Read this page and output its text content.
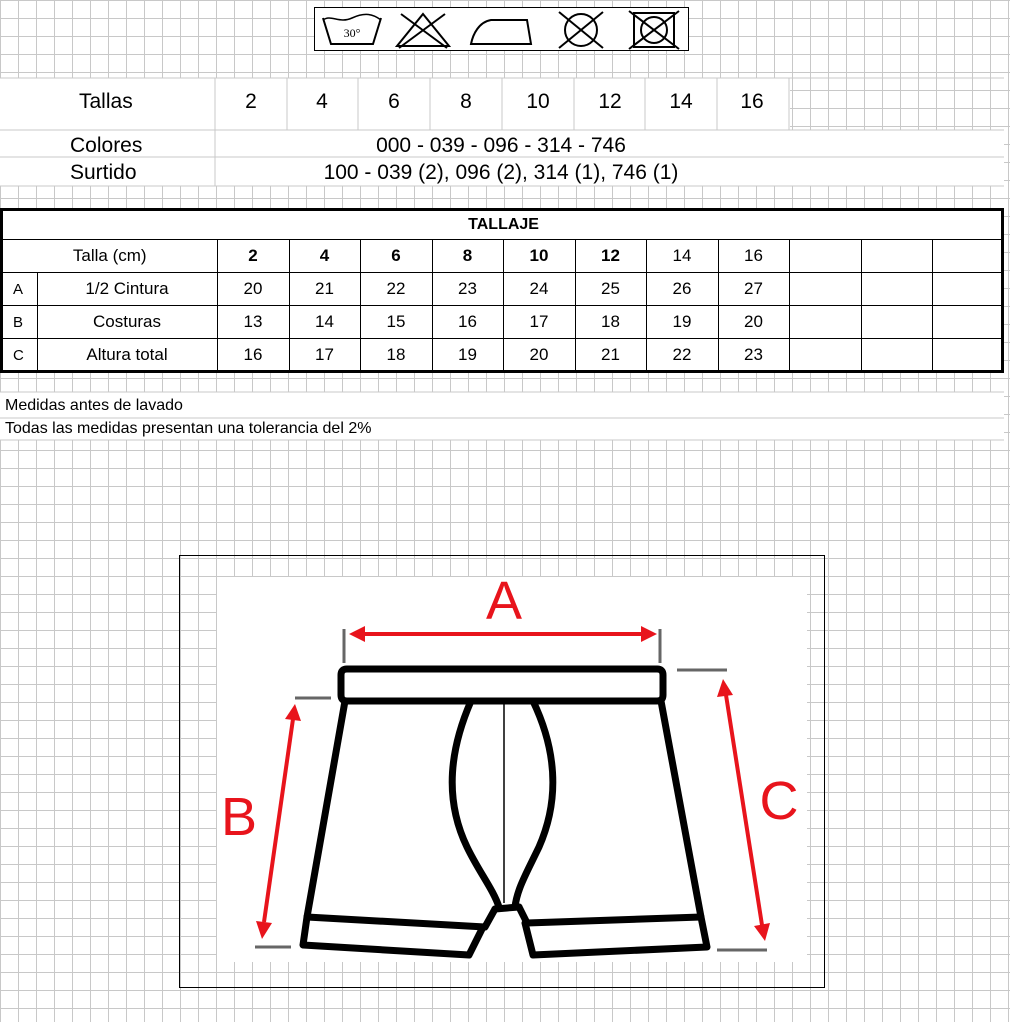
30°
Tallas	2	4	6	8	10	12	14	16
Colores	000 - 039 - 096 - 314 - 746
Surtido	100 - 039 (2), 096 (2), 314 (1), 746 (1)
TALLAJE												
Talla (cm)		2	4	6	8	10	12	14	16			
A	1/2 Cintura	20	21	22	23	24	25	26	27			
B	Costuras	13	14	15	16	17	18	19	20			
C	Altura total	16	17	18	19	20	21	22	23			
Medidas antes de lavado
Todas las medidas presentan una tolerancia del 2%
A
B	C
